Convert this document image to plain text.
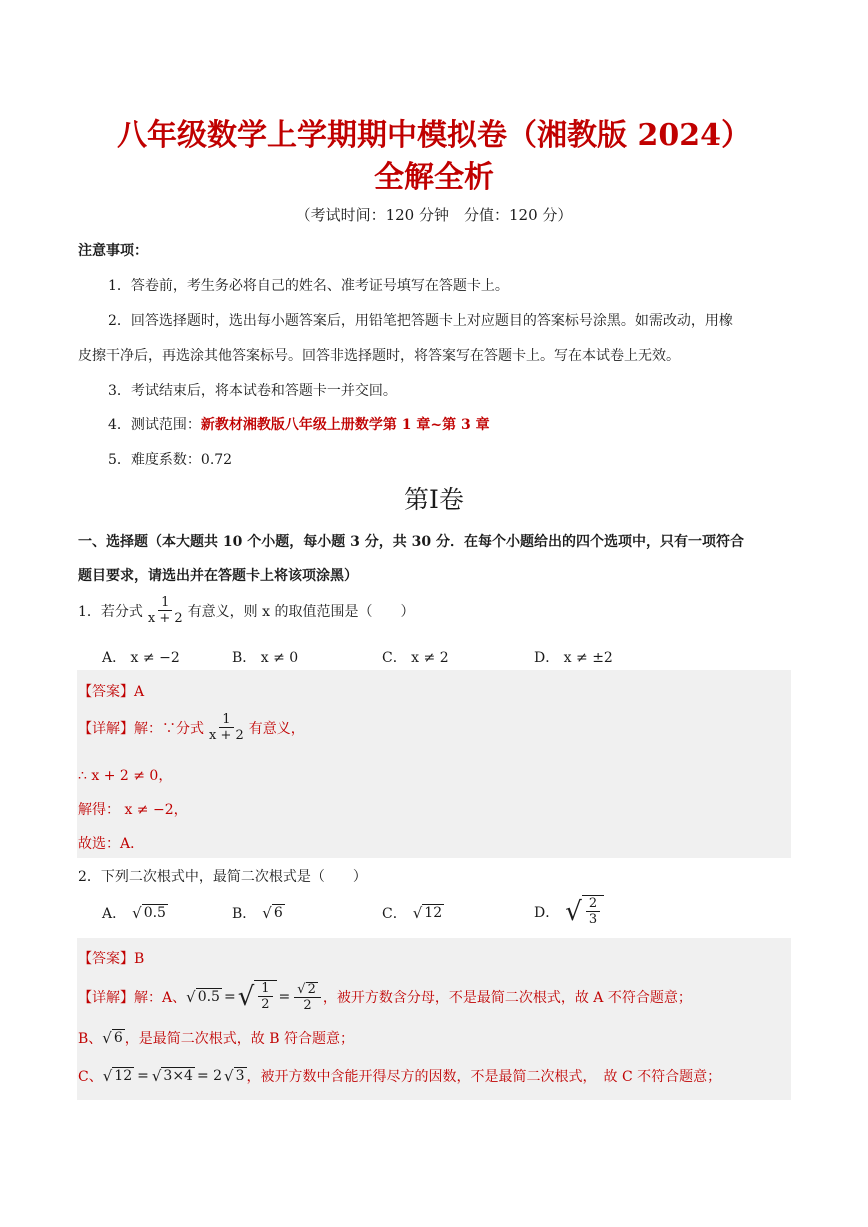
八年级数学上学期期中模拟卷（湘教版 2024）
全解全析
（考试时间：120 分钟　分值：120 分）
注意事项：
1．答卷前，考生务必将自己的姓名、准考证号填写在答题卡上。
2．回答选择题时，选出每小题答案后，用铅笔把答题卡上对应题目的答案标号涂黑。如需改动，用橡
皮擦干净后，再选涂其他答案标号。回答非选择题时，将答案写在答题卡上。写在本试卷上无效。
3．考试结束后，将本试卷和答题卡一并交回。
4．测试范围：新教材湘教版八年级上册数学第 1 章~第 3 章
5．难度系数：0.72
第I卷
一、选择题（本大题共 10 个小题，每小题 3 分，共 30 分．在每个小题给出的四个选项中，只有一项符合
题目要求，请选出并在答题卡上将该项涂黑）
1．若分式 $\frac{1}{x + 2}$ 有意义，则 x 的取值范围是（　　）
A． x ≠ −2	B． x ≠ 0	C． x ≠ 2	D． x ≠ ±2
【答案】A
【详解】 解：∵分式 $\frac{1}{x + 2}$ 有意义，
∴ x + 2 ≠ 0，
解得： x ≠ −2，
故选：A．
2．下列二次根式中，最简二次根式是（　　）
A． √ 0.5	B． √ 6	C． √ 12	D． √ $\frac{2}{3}$
【答案】B
【详解】 解：A、 √ 0.5 = √ $\frac{1}{2} = \frac{√ 2}{2}$ ，被开方数含分母，不是最简二次根式，故 A 不符合题意；
B、 √ 6 ，是最简二次根式，故 B 符合题意；
C、 √ 12 = √ 3×4 = 2 √ 3 ，被开方数中含能开得尽方的因数，不是最简二次根式，　故 C 不符合题意；
